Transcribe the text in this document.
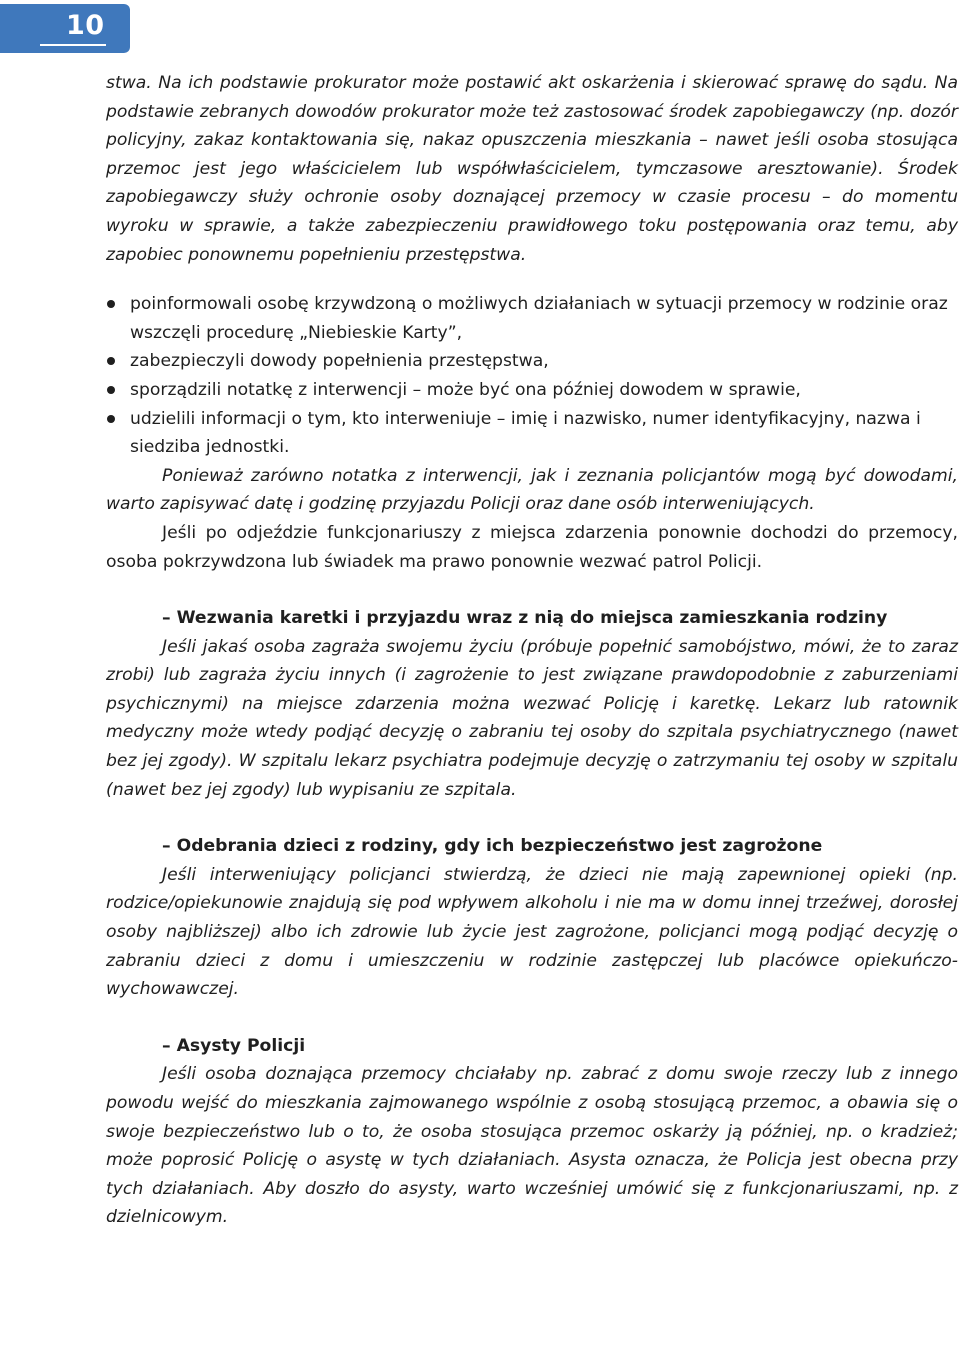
10

stwa. Na ich podstawie prokurator może postawić akt oskarżenia i skierować sprawę do sądu. Na podstawie zebranych dowodów prokurator może też zastosować środek zapobiegawczy (np. dozór policyjny, zakaz kontaktowania się, nakaz opuszczenia mieszkania – nawet jeśli osoba stosująca przemoc jest jego właścicielem lub współwłaścicielem, tymczasowe aresztowanie). Środek zapobiegawczy służy ochronie osoby doznającej przemocy w czasie procesu – do momentu wyroku w sprawie, a także zabezpieczeniu prawidłowego toku postępowania oraz temu, aby zapobiec ponownemu popełnieniu przestępstwa.

poinformowali osobę krzywdzoną o możliwych działaniach w sytuacji przemocy w rodzinie oraz wszczęli procedurę „Niebieskie Karty”,
zabezpieczyli dowody popełnienia przestępstwa,
sporządzili notatkę z interwencji – może być ona później dowodem w sprawie,
udzielili informacji o tym, kto interweniuje – imię i nazwisko, numer identyfikacyjny, nazwa i siedziba jednostki.

Ponieważ zarówno notatka z interwencji, jak i zeznania policjantów mogą być dowodami, warto zapisywać datę i godzinę przyjazdu Policji oraz dane osób interweniujących.

Jeśli po odjeździe funkcjonariuszy z miejsca zdarzenia ponownie dochodzi do przemocy, osoba pokrzywdzona lub świadek ma prawo ponownie wezwać patrol Policji.

– Wezwania karetki i przyjazdu wraz z nią do miejsca zamieszkania rodziny

Jeśli jakaś osoba zagraża swojemu życiu (próbuje popełnić samobójstwo, mówi, że to zaraz zrobi) lub zagraża życiu innych (i zagrożenie to jest związane prawdopodobnie z zaburzeniami psychicznymi) na miejsce zdarzenia można wezwać Policję i karetkę. Lekarz lub ratownik medyczny może wtedy podjąć decyzję o zabraniu tej osoby do szpitala psychiatrycznego (nawet bez jej zgody). W szpitalu lekarz psychiatra podejmuje decyzję o zatrzymaniu tej osoby w szpitalu (nawet bez jej zgody) lub wypisaniu ze szpitala.

– Odebrania dzieci z rodziny, gdy ich bezpieczeństwo jest zagrożone

Jeśli interweniujący policjanci stwierdzą, że dzieci nie mają zapewnionej opieki (np. rodzice/opiekunowie znajdują się pod wpływem alkoholu i nie ma w domu innej trzeźwej, dorosłej osoby najbliższej) albo ich zdrowie lub życie jest zagrożone, policjanci mogą podjąć decyzję o zabraniu dzieci z domu i umieszczeniu w rodzinie zastępczej lub placówce opiekuńczo-wychowawczej.

– Asysty Policji

Jeśli osoba doznająca przemocy chciałaby np. zabrać z domu swoje rzeczy lub z innego powodu wejść do mieszkania zajmowanego wspólnie z osobą stosującą przemoc, a obawia się o swoje bezpieczeństwo lub o to, że osoba stosująca przemoc oskarży ją później, np. o kradzież; może poprosić Policję o asystę w tych działaniach. Asysta oznacza, że Policja jest obecna przy tych działaniach. Aby doszło do asysty, warto wcześniej umówić się z funkcjonariuszami, np. z dzielnicowym.
